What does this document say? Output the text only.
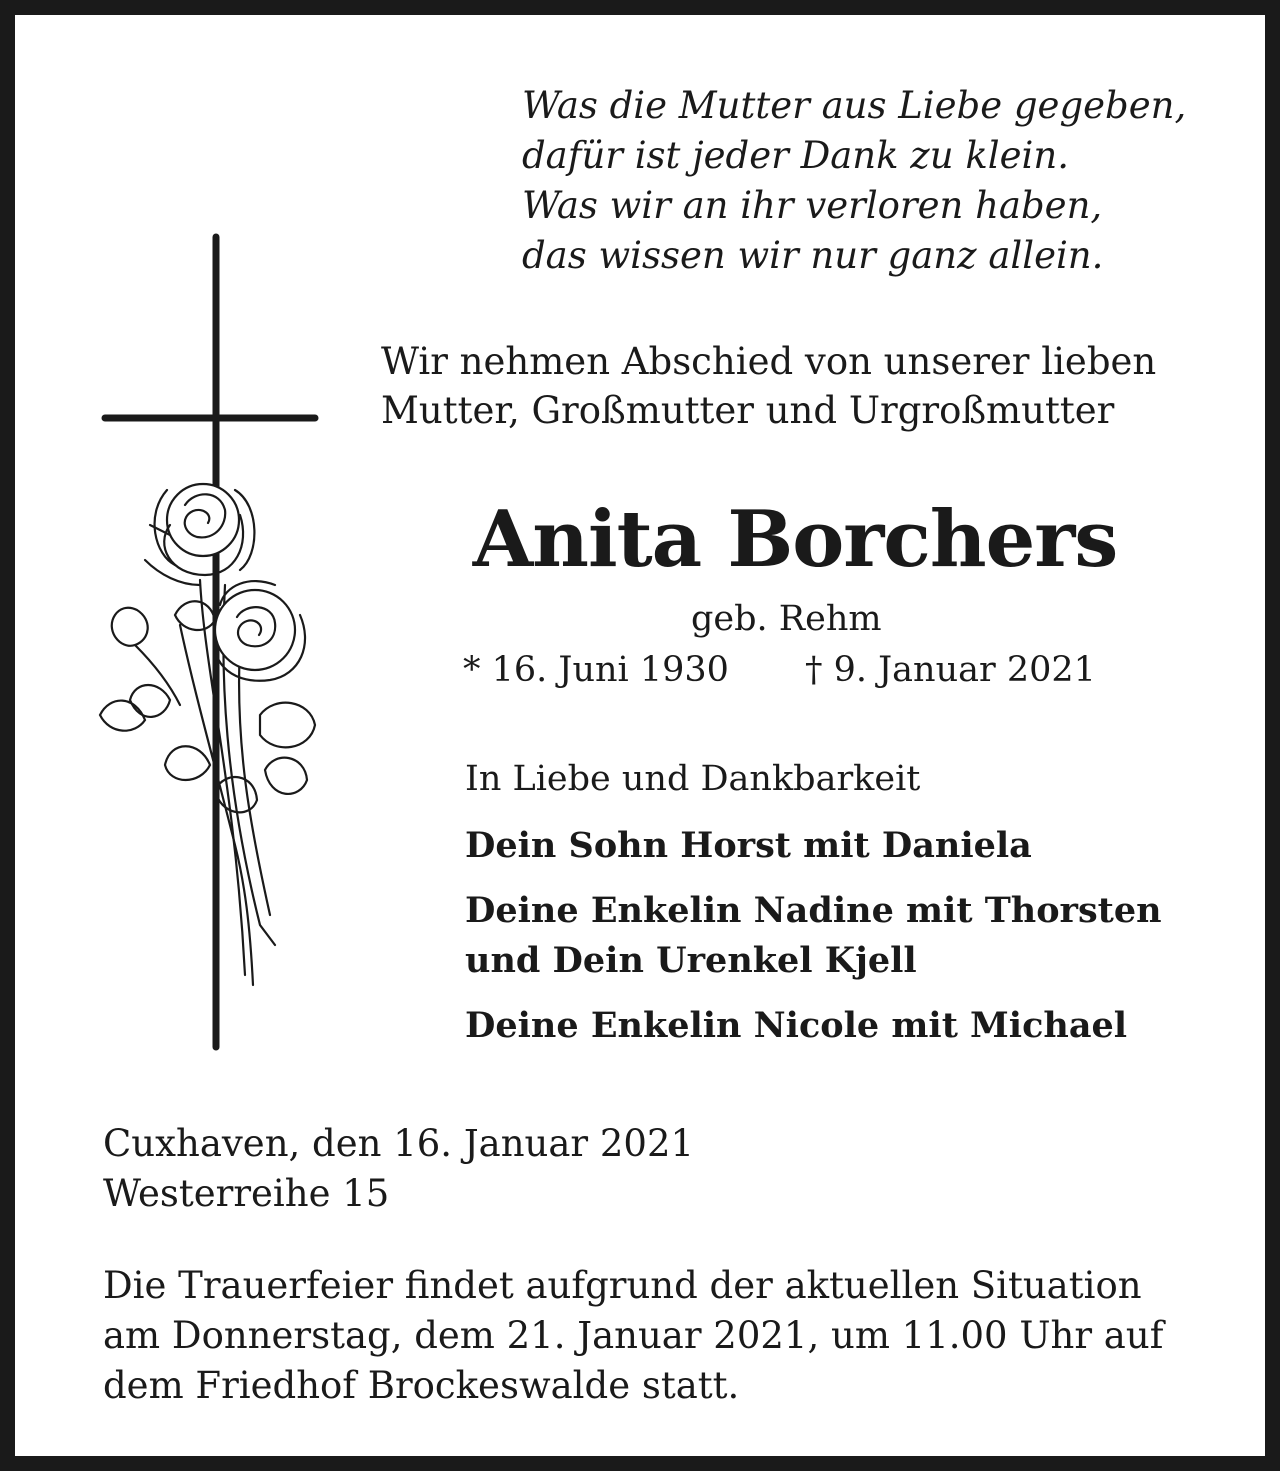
Was die Mutter aus Liebe gegeben,
dafür ist jeder Dank zu klein.
Was wir an ihr verloren haben,
das wissen wir nur ganz allein.
Wir nehmen Abschied von unserer lieben
Mutter, Großmutter und Urgroßmutter
Anita Borchers
geb. Rehm
* 16. Juni 1930 † 9. Januar 2021
In Liebe und Dankbarkeit
Dein Sohn Horst mit Daniela
Deine Enkelin Nadine mit Thorsten
und Dein Urenkel Kjell
Deine Enkelin Nicole mit Michael
Cuxhaven, den 16. Januar 2021
Westerreihe 15
Die Trauerfeier findet aufgrund der aktuellen Situation
am Donnerstag, dem 21. Januar 2021, um 11.00 Uhr auf
dem Friedhof Brockeswalde statt.
